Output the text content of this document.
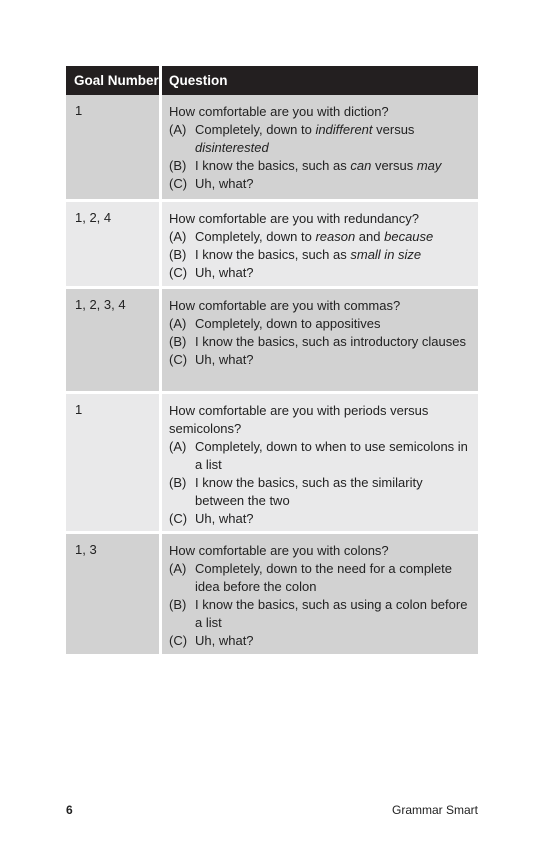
Goal Number Question
1	How comfortable are you with diction?

(A) Completely, down to indifferent versus disinterested
(B) I know the basics, such as can versus may
(C) Uh, what?
1, 2, 4	How comfortable are you with redundancy?

(A) Completely, down to reason and because
(B) I know the basics, such as small in size
(C) Uh, what?
1, 2, 3, 4	How comfortable are you with commas?

(A) Completely, down to appositives
(B) I know the basics, such as introductory clauses
(C) Uh, what?
1	How comfortable are you with periods versus semicolons?

(A) Completely, down to when to use semicolons in a list
(B) I know the basics, such as the similarity between the two
(C) Uh, what?
1, 3	How comfortable are you with colons?

(A) Completely, down to the need for a complete idea before the colon
(B) I know the basics, such as using a colon before a list
(C) Uh, what?
6	Grammar Smart
